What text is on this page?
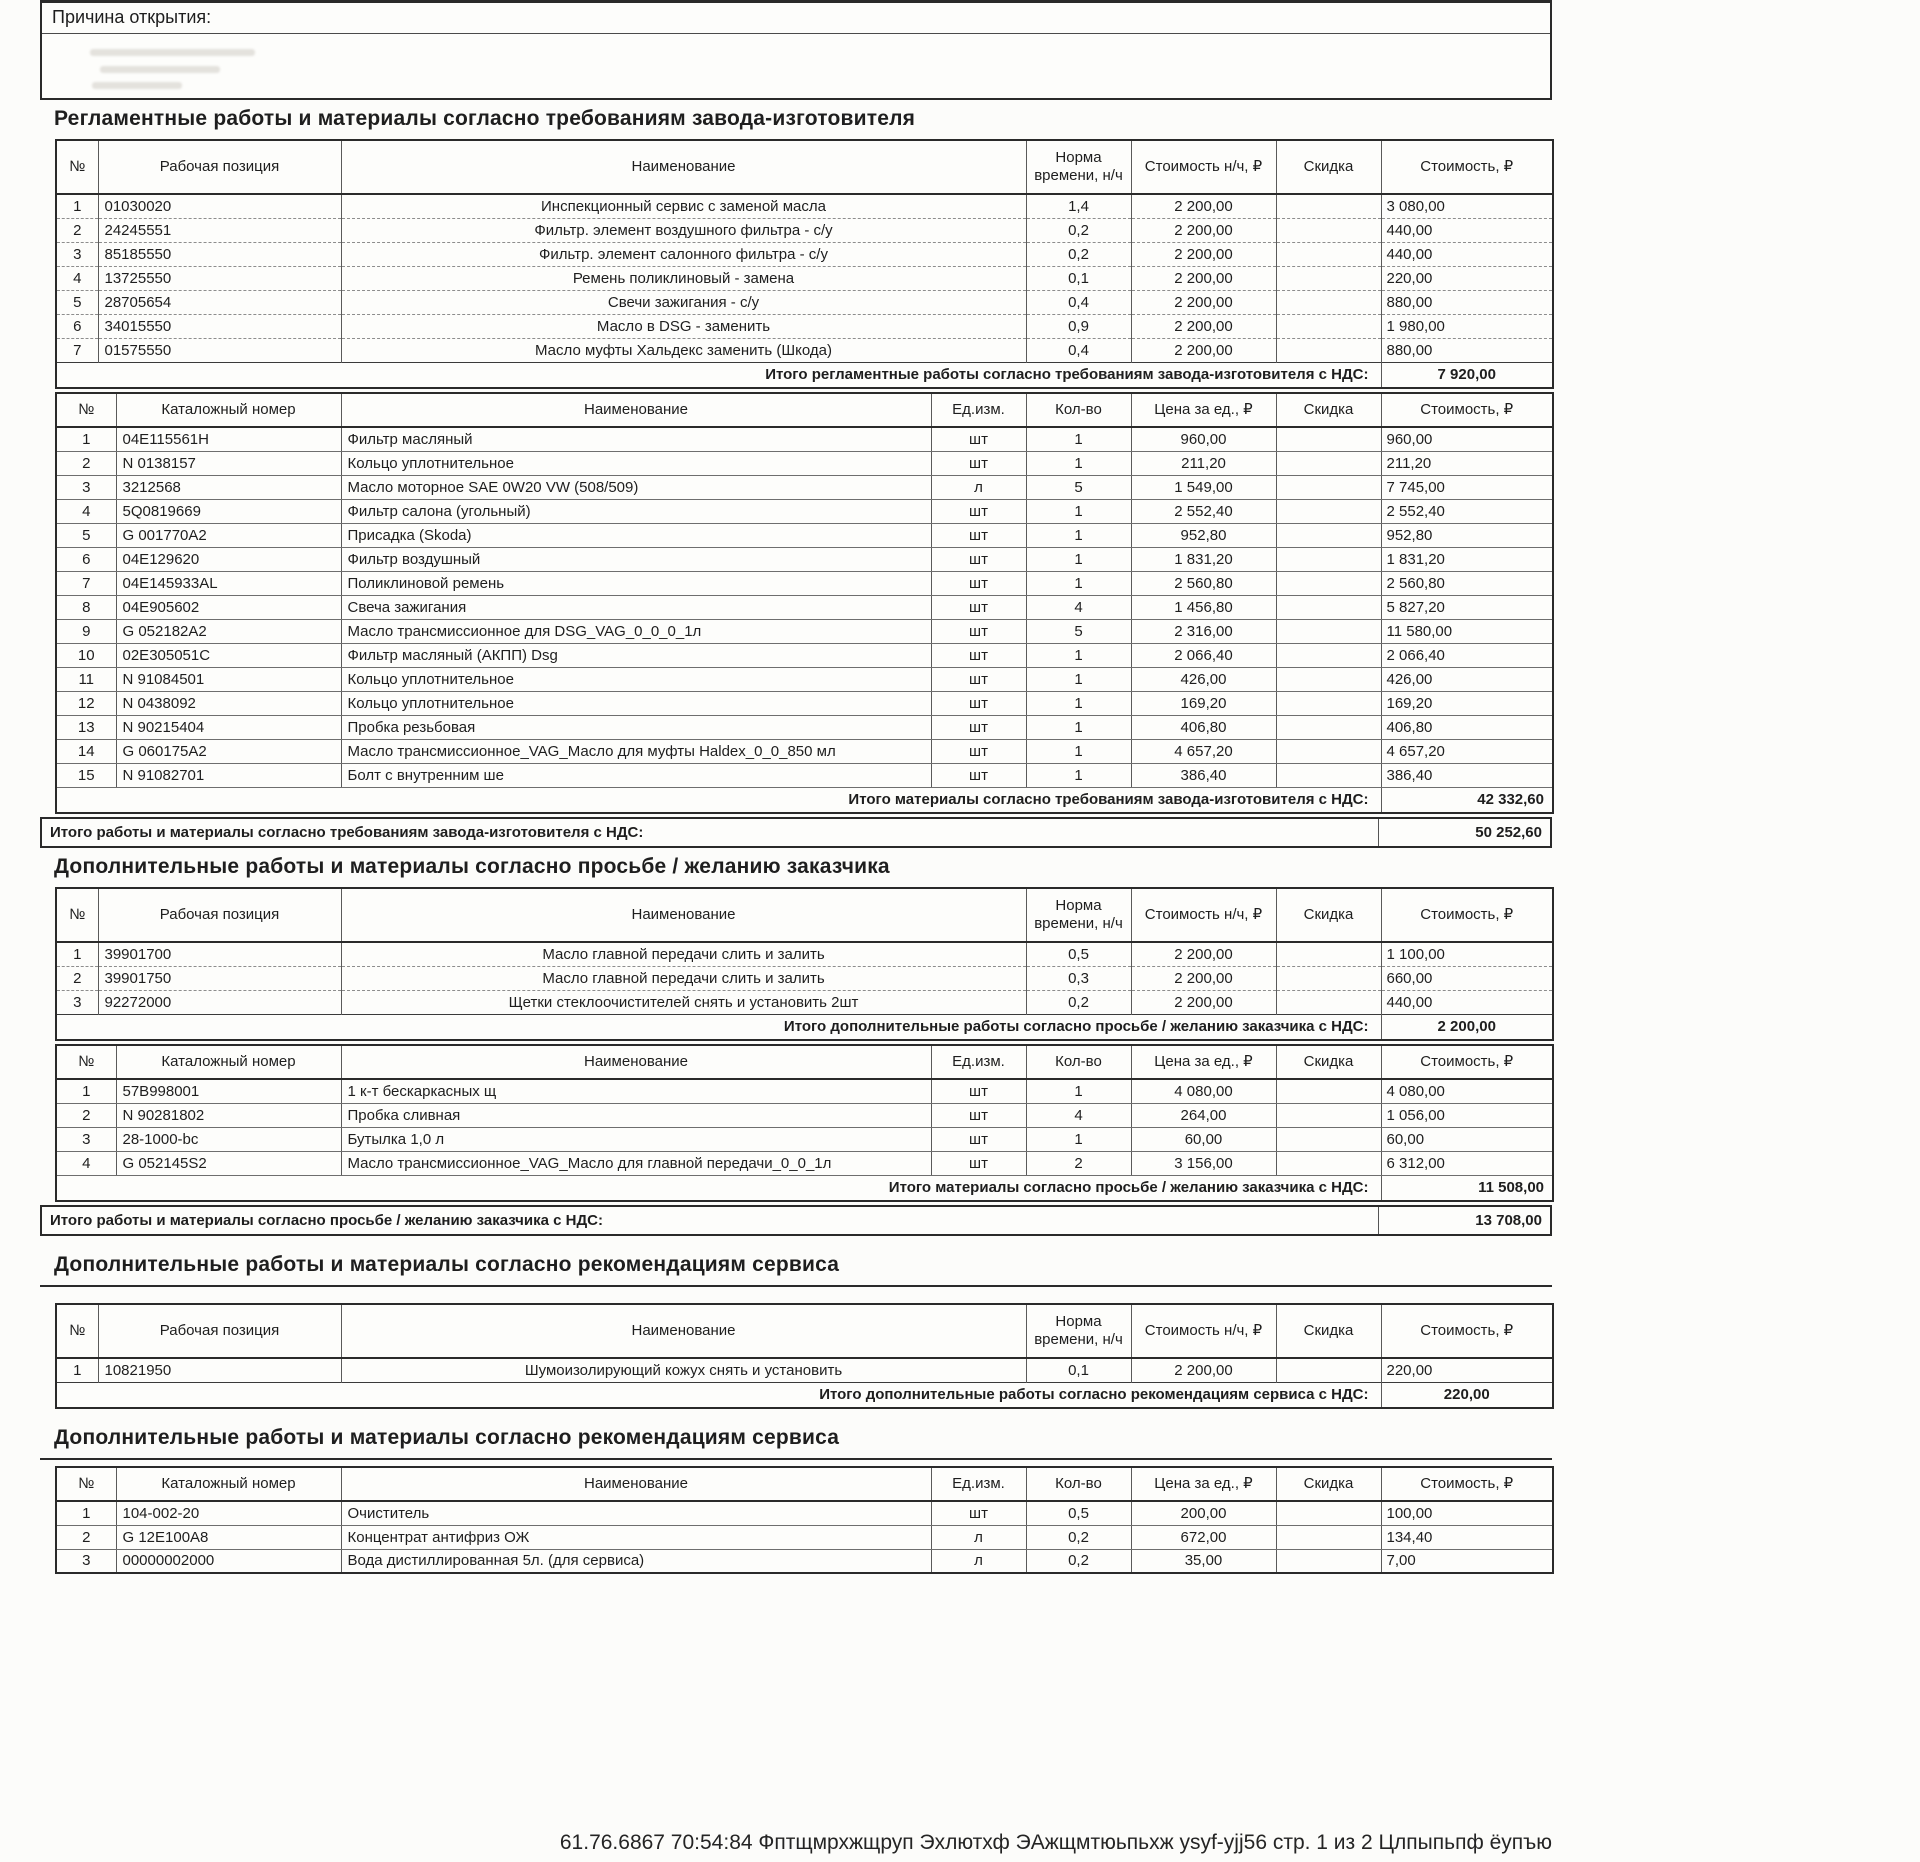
Причина открытия:
Регламентные работы и материалы согласно требованиям завода-изготовителя
№	Рабочая позиция	Наименование	Норма времени, н/ч	Стоимость н/ч, ₽	Скидка	Стоимость, ₽
1	01030020	Инспекционный сервис с заменой масла	1,4	2 200,00		3 080,00
2	24245551	Фильтр. элемент воздушного фильтра - с/у	0,2	2 200,00		440,00
3	85185550	Фильтр. элемент салонного фильтра - с/у	0,2	2 200,00		440,00
4	13725550	Ремень поликлиновый - замена	0,1	2 200,00		220,00
5	28705654	Свечи зажигания - с/у	0,4	2 200,00		880,00
6	34015550	Масло в DSG - заменить	0,9	2 200,00		1 980,00
7	01575550	Масло муфты Хальдекс заменить (Шкода)	0,4	2 200,00		880,00
Итого регламентные работы согласно требованиям завода-изготовителя с НДС:						7 920,00
№	Каталожный номер	Наименование	Ед.изм.	Кол-во	Цена за ед., ₽	Скидка	Стоимость, ₽
1	04E115561H	Фильтр масляный	шт	1	960,00		960,00
2	N 0138157	Кольцо уплотнительное	шт	1	211,20		211,20
3	3212568	Масло моторное SAE 0W20 VW (508/509)	л	5	1 549,00		7 745,00
4	5Q0819669	Фильтр салона (угольный)	шт	1	2 552,40		2 552,40
5	G 001770A2	Присадка (Skoda)	шт	1	952,80		952,80
6	04E129620	Фильтр воздушный	шт	1	1 831,20		1 831,20
7	04E145933AL	Поликлиновой ремень	шт	1	2 560,80		2 560,80
8	04E905602	Свеча зажигания	шт	4	1 456,80		5 827,20
9	G 052182A2	Масло трансмиссионное для DSG_VAG_0_0_0_1л	шт	5	2 316,00		11 580,00
10	02E305051C	Фильтр масляный (АКПП) Dsg	шт	1	2 066,40		2 066,40
11	N 91084501	Кольцо уплотнительное	шт	1	426,00		426,00
12	N 0438092	Кольцо уплотнительное	шт	1	169,20		169,20
13	N 90215404	Пробка резьбовая	шт	1	406,80		406,80
14	G 060175A2	Масло трансмиссионное_VAG_Масло для муфты Haldex_0_0_850 мл	шт	1	4 657,20		4 657,20
15	N 91082701	Болт с внутренним ше	шт	1	386,40		386,40
Итого материалы согласно требованиям завода-изготовителя с НДС:							42 332,60
Итого работы и материалы согласно требованиям завода-изготовителя с НДС:	50 252,60
Дополнительные работы и материалы согласно просьбе / желанию заказчика
№	Рабочая позиция	Наименование	Норма времени, н/ч	Стоимость н/ч, ₽	Скидка	Стоимость, ₽
1	39901700	Масло главной передачи слить и залить	0,5	2 200,00		1 100,00
2	39901750	Масло главной передачи слить и залить	0,3	2 200,00		660,00
3	92272000	Щетки стеклоочистителей снять и установить 2шт	0,2	2 200,00		440,00
Итого дополнительные работы согласно просьбе / желанию заказчика с НДС:						2 200,00
№	Каталожный номер	Наименование	Ед.изм.	Кол-во	Цена за ед., ₽	Скидка	Стоимость, ₽
1	57B998001	1 к-т бескаркасных щ	шт	1	4 080,00		4 080,00
2	N 90281802	Пробка сливная	шт	4	264,00		1 056,00
3	28-1000-bc	Бутылка 1,0 л	шт	1	60,00		60,00
4	G 052145S2	Масло трансмиссионное_VAG_Масло для главной передачи_0_0_1л	шт	2	3 156,00		6 312,00
Итого материалы согласно просьбе / желанию заказчика с НДС:							11 508,00
Итого работы и материалы согласно просьбе / желанию заказчика с НДС:	13 708,00
Дополнительные работы и материалы согласно рекомендациям сервиса
№	Рабочая позиция	Наименование	Норма времени, н/ч	Стоимость н/ч, ₽	Скидка	Стоимость, ₽
1	10821950	Шумоизолирующий кожух снять и установить	0,1	2 200,00		220,00
Итого дополнительные работы согласно рекомендациям сервиса с НДС:						220,00
Дополнительные работы и материалы согласно рекомендациям сервиса
№	Каталожный номер	Наименование	Ед.изм.	Кол-во	Цена за ед., ₽	Скидка	Стоимость, ₽
1	104-002-20	Очиститель	шт	0,5	200,00		100,00
2	G 12E100A8	Концентрат антифриз ОЖ	л	0,2	672,00		134,40
3	00000002000	Вода дистиллированная 5л. (для сервиса)	л	0,2	35,00		7,00
61.76.6867 70:54:84 Фптщмрхжщруп Эхлютхф ЭАжщмтюьпьхж ysyf-yjj56 стр. 1 из 2 Цлпыпьпф ёупъю
